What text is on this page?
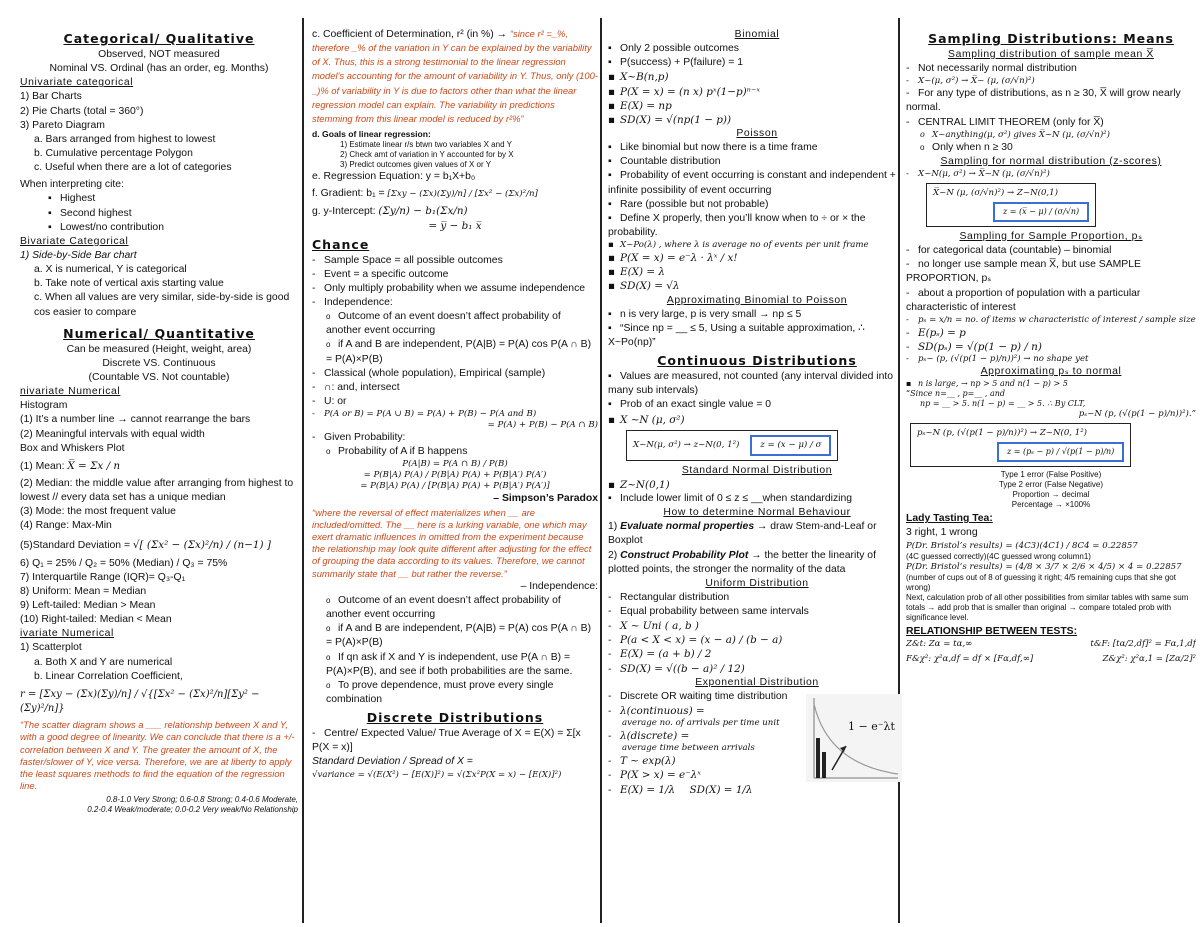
Categorical/ Qualitative
Observed, NOT measured
Nominal VS. Ordinal (has an order, eg. Months)
Univariate categorical
1) Bar Charts
2) Pie Charts (total = 360°)
3) Pareto Diagram
a. Bars arranged from highest to lowest
b. Cumulative percentage Polygon
c. Useful when there are a lot of categories
When interpreting cite:
▪ Highest
▪ Second highest
▪ Lowest/no contribution
Bivariate Categorical
1) Side-by-Side Bar chart
a. X is numerical, Y is categorical
b. Take note of vertical axis starting value
c. When all values are very similar, side-by-side is good cos easier to compare
Numerical/ Quantitative
Can be measured (Height, weight, area)
Discrete VS. Continuous
(Countable VS. Not countable)
nivariate Numerical
Histogram
(1) It’s a number line → cannot rearrange the bars
(2) Meaningful intervals with equal width
Box and Whiskers Plot
(1) Mean: X̅ = Σx / n
(2) Median: the middle value after arranging from highest to lowest // every data set has a unique median
(3) Mode: the most frequent value
(4) Range: Max-Min
(5)Standard Deviation = √[ (Σx² − (Σx)²/n) / (n−1) ]
6) Q₁ = 25% / Q₂ = 50% (Median) / Q₃ = 75%
7) Interquartile Range (IQR)= Q₃-Q₁
8) Uniform: Mean = Median
9) Left-tailed: Median > Mean
(10) Right-tailed: Median < Mean
ivariate Numerical
1) Scatterplot
a. Both X and Y are numerical
b. Linear Correlation Coefficient,
r = [Σxy − (Σx)(Σy)/n] / √{[Σx² − (Σx)²/n][Σy² − (Σy)²/n]}
“The scatter diagram shows a ___ relationship between X and Y, with a good degree of linearity. We can conclude that there is a +/- correlation between X and Y. The greater the amount of X, the faster/slower of Y, vice versa. Therefore, we are at liberty to apply the least squares methods to find the equation of the regression line.
0.8-1.0 Very Strong; 0.6-0.8 Strong; 0.4-0.6 Moderate,
0.2-0.4 Weak/moderate; 0.0-0.2 Very weak/No Relationship
c. Coefficient of Determination, r² (in %) → “since r² =_%, therefore _% of the variation in Y can be explained by the variability of X. Thus, this is a strong testimonial to the linear regression model’s accounting for the amount of variability in Y. Thus, only (100-_)% of variability in Y is due to factors other than what the linear regression model can explain. The variability in predictions stemming from this linear model is reduced by r²%”
d. Goals of linear regression:
1) Estimate linear r/s btwn two variables X and Y
2) Check amt of variation in Y accounted for by X
3) Predict outcomes given values of X or Y
e. Regression Equation: y = b₁X+b₀
f. Gradient: b₁ = [Σxy − (Σx)(Σy)/n] / [Σx² − (Σx)²/n]
g. y-Intercept: (Σy/n) − b₁(Σx/n)
= y̅ − b₁ x̅
Chance
- Sample Space = all possible outcomes
- Event = a specific outcome
- Only multiply probability when we assume independence
- Independence:
o Outcome of an event doesn’t affect probability of another event occurring
o if A and B are independent, P(A|B) = P(A) cos P(A ∩ B) = P(A)×P(B)
- Classical (whole population), Empirical (sample)
- ∩: and, intersect
- U: or
- P(A or B) = P(A ∪ B) = P(A) + P(B) − P(A and B)
= P(A) + P(B) − P(A ∩ B)
- Given Probability:
o Probability of A if B happens
P(A|B) = P(A ∩ B) / P(B)
= P(B|A) P(A) / P(B|A) P(A) + P(B|A′) P(A′)
= P(B|A) P(A) / [P(B|A) P(A) + P(B|A′) P(A′)]
– Simpson’s Paradox
“where the reversal of effect materializes when __ are included/omitted. The __ here is a lurking variable, one which may exert dramatic influences in omitted from the experiment because the relationship may look quite different after adjusting for the effect of grouping the data according to its values. Therefore, we cannot summarily state that __ but rather the reverse.”
– Independence:
o Outcome of an event doesn’t affect probability of another event occurring
o if A and B are independent, P(A|B) = P(A) cos P(A ∩ B) = P(A)×P(B)
o If qn ask if X and Y is independent, use P(A ∩ B) = P(A)×P(B), and see if both probabilities are the same.
o To prove dependence, must prove every single combination
Discrete Distributions
- Centre/ Expected Value/ True Average of X = E(X) = Σ[x P(X = x)]
Standard Deviation / Spread of X =
√variance = √(E(X²) − [E(X)]²) = √(Σx²P(X = x) − [E(X)]²)
Binomial
▪ Only 2 possible outcomes
▪ P(success) + P(failure) = 1
▪ X~B(n,p)
▪ P(X = x) = (n x) pˣ(1−p)ⁿ⁻ˣ
▪ E(X) = np
▪ SD(X) = √(np(1 − p))
Poisson
▪ Like binomial but now there is a time frame
▪ Countable distribution
▪ Probability of event occurring is constant and independent + infinite possibility of event occurring
▪ Rare (possible but not probable)
▪ Define X properly, then you’ll know when to ÷ or × the probability.
▪ X~Po(λ) , where λ is average no of events per unit frame
▪ P(X = x) = e⁻λ · λˣ / x!
▪ E(X) = λ
▪ SD(X) = √λ
Approximating Binomial to Poisson
▪ n is very large, p is very small → np ≤ 5
▪ “Since np = __ ≤ 5, Using a suitable approximation, ∴ X~Po(np)”
Continuous Distributions
▪ Values are measured, not counted (any interval divided into many sub intervals)
▪ Prob of an exact single value = 0
▪ X ~N (μ, σ²)
X~N(μ, σ²) → z~N(0, 1²) z = (x − μ) / σ
Standard Normal Distribution
▪ Z~N(0,1)
▪ Include lower limit of 0 ≤ z ≤ __when standardizing
How to determine Normal Behaviour
1) Evaluate normal properties → draw Stem-and-Leaf or Boxplot
2) Construct Probability Plot → the better the linearity of plotted points, the stronger the normality of the data
Uniform Distribution
- Rectangular distribution
- Equal probability between same intervals
- X ~ Uni ( a, b )
- P(a < X < x) = (x − a) / (b − a)
- E(X) = (a + b) / 2
- SD(X) = √((b − a)² / 12)
Exponential Distribution
- Discrete OR waiting time distribution
- λ(continuous) =
average no. of arrivals per time unit
- λ(discrete) =
average time between arrivals
- T ~ exp(λ)
- P(X > x) = e⁻λˣ
- E(X) = 1/λ SD(X) = 1/λ
1 − e⁻λt
Sampling Distributions: Means
Sampling distribution of sample mean X̅
- Not necessarily normal distribution
- X~(μ, σ²) → X̅~ (μ, (σ/√n)²)
- For any type of distributions, as n ≥ 30, X̅ will grow nearly normal.
- CENTRAL LIMIT THEOREM (only for X̅)
o X~anything(μ, σ²) gives X̅~N (μ, (σ/√n)²)
o Only when n ≥ 30
Sampling for normal distribution (z-scores)
- X~N(μ, σ²) → X̅~N (μ, (σ/√n)²)
$\frac{\text{X̅\textasciitilde{}N (μ, (σ/√n)²) → Z\textasciitilde{}N(0,1)}}{z = (x̅ - \mu) / (\sigma/√n)}$
Sampling for Sample Proportion, pₛ
- for categorical data (countable) – binomial
- no longer use sample mean X̅, but use SAMPLE PROPORTION, pₛ
- about a proportion of population with a particular characteristic of interest
- pₛ = x/n = no. of items w characteristic of interest / sample size
- E(pₛ) = p
- SD(pₛ) = √(p(1 − p) / n)
- pₛ~ (p, (√(p(1 − p)/n))²) → no shape yet
Approximating pₛ to normal
▪ n is large, → np > 5 and n(1 − p) > 5
“Since n=__ , p=__ , and
np = __ > 5. n(1 − p) = __ > 5. ∴ By CLT,
pₛ~N (p, (√(p(1 − p)/n))²).”
$\frac{\text{pₛ\textasciitilde{}N (p, (√(p(1 − p)/n))²) → Z\textasciitilde{}N(0, 1²)}}{\text{z = (pₛ − p) / √(p(1 − p)/n)}}$
Type 1 error (False Positive)
Type 2 error (False Negative)
Proportion → decimal
Percentage → ×100%
Lady Tasting Tea:
3 right, 1 wrong
P(Dr. Bristol’s results) = (4C3)(4C1) / 8C4 = 0.22857
(4C guessed correctly)(4C guessed wrong column1)
P(Dr. Bristol’s results) = (4/8 × 3/7 × 2/6 × 4/5) × 4 = 0.22857
(number of cups out of 8 of guessing it right; 4/5 remaining cups that she got wrong)
Next, calculation prob of all other possibilities from similar tables with same sum totals → add prob that is smaller than original → compare totaled prob with significance level.
RELATIONSHIP BETWEEN TESTS:
Z&t: Zα = tα,∞	t&F: [tα/2,df]² = Fα,1,df
F&χ²: χ²α,df = df × [Fα,df,∞]	Z&χ²: χ²α,1 = [Zα/2]²
